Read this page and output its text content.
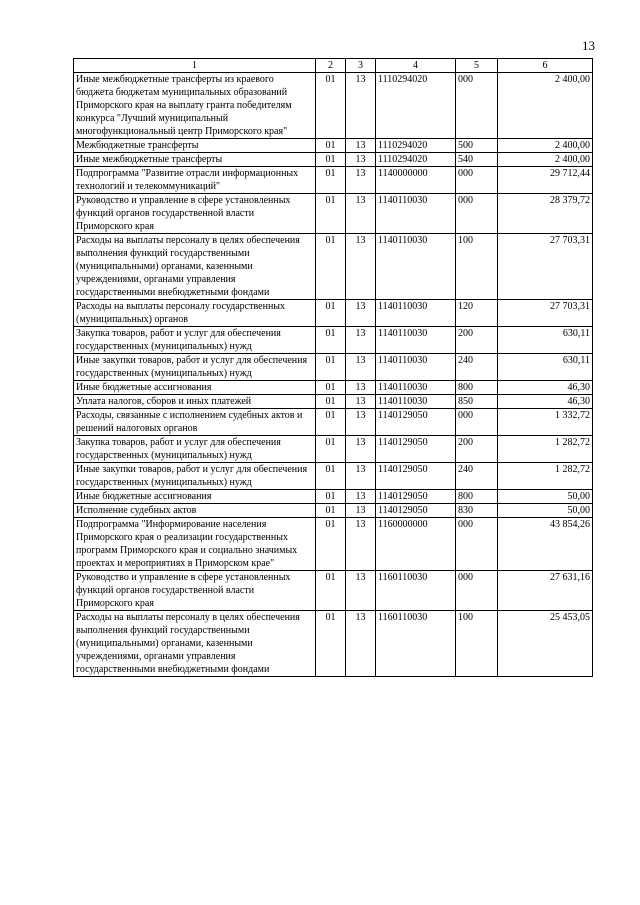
13
1	2	3	4	5	6
Иные межбюджетные трансферты из краевого бюджета бюджетам муниципальных образований Приморского края на выплату гранта победителям конкурса "Лучший муниципальный многофункциональный центр Приморского края"	01	13	1110294020	000	2 400,00
Межбюджетные трансферты	01	13	1110294020	500	2 400,00
Иные межбюджетные трансферты	01	13	1110294020	540	2 400,00
Подпрограмма "Развитие отрасли информационных технологий и телекоммуникаций"	01	13	1140000000	000	29 712,44
Руководство и управление в сфере установленных функций органов государственной власти Приморского края	01	13	1140110030	000	28 379,72
Расходы на выплаты персоналу в целях обеспечения выполнения функций государственными (муниципальными) органами, казенными учреждениями, органами управления государственными внебюджетными фондами	01	13	1140110030	100	27 703,31
Расходы на выплаты персоналу государственных (муниципальных) органов	01	13	1140110030	120	27 703,31
Закупка товаров, работ и услуг для обеспечения государственных (муниципальных) нужд	01	13	1140110030	200	630,11
Иные закупки товаров, работ и услуг для обеспечения государственных (муниципальных) нужд	01	13	1140110030	240	630,11
Иные бюджетные ассигнования	01	13	1140110030	800	46,30
Уплата налогов, сборов и иных платежей	01	13	1140110030	850	46,30
Расходы, связанные с исполнением судебных актов и решений налоговых органов	01	13	1140129050	000	1 332,72
Закупка товаров, работ и услуг для обеспечения государственных (муниципальных) нужд	01	13	1140129050	200	1 282,72
Иные закупки товаров, работ и услуг для обеспечения государственных (муниципальных) нужд	01	13	1140129050	240	1 282,72
Иные бюджетные ассигнования	01	13	1140129050	800	50,00
Исполнение судебных актов	01	13	1140129050	830	50,00
Подпрограмма "Информирование населения Приморского края о реализации государственных программ Приморского края и социально значимых проектах и мероприятиях в Приморском крае"	01	13	1160000000	000	43 854,26
Руководство и управление в сфере установленных функций органов государственной власти Приморского края	01	13	1160110030	000	27 631,16
Расходы на выплаты персоналу в целях обеспечения выполнения функций государственными (муниципальными) органами, казенными учреждениями, органами управления государственными внебюджетными фондами	01	13	1160110030	100	25 453,05
